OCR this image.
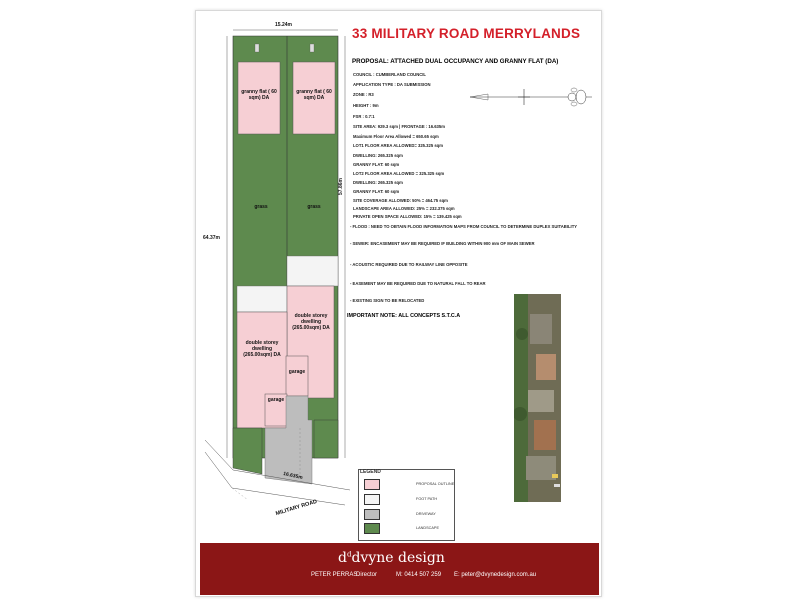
15.24m
64.37m
57.86m
16.635m
MILITARY ROAD
granny flat ( 60 sqm) DA
granny flat ( 60 sqm) DA
grass	grass
double storey dwelling (265.00sqm) DA
double storey dwelling (265.00sqm) DA
garage
garage
33 MILITARY ROAD MERRYLANDS
PROPOSAL: ATTACHED DUAL OCCUPANCY AND GRANNY FLAT (DA)
COUNCIL : CUMBERLAND COUNCIL
APPLICATION TYPE : DA SUBMISSION
ZONE : R3
HEIGHT : 9m
FSR : 0.7:1
SITE AREA: 929.3 sqm | FRONTAGE : 16.635m
Maximum Floor Area Allowed = 650.65 sqm
LOT1 FLOOR AREA ALLOWED= 325.325 sqm
DWELLING: 265.325 sqm
GRANNY FLAT: 60 sqm
LOT2 FLOOR AREA ALLOWED = 325.325 sqm
DWELLING: 265.325 sqm
GRANNY FLAT: 60 sqm
SITE COVERAGE ALLOWED: 50% = 464.75 sqm
LANDSCAPE AREA ALLOWED: 25% = 232.375 sqm
PRIVATE OPEN SPACE ALLOWED: 15% = 139.425 sqm
- FLOOD : NEED TO OBTAIN FLOOD INFORMATION MAPS FROM COUNCIL TO DETERMINE DUPLEX SUITABILITY
- SEWER: ENCASEMENT MAY BE REQUIRED IF BUILDING WITHIN 900 mm OF MAIN SEWER
- ACOUSTIC REQUIRED DUE TO RAILWAY LINE OPPOSITE
- EASEMENT MAY BE REQUIRED DUE TO NATURAL FALL TO REAR
- EXISTING SIGN TO BE RELOCATED
IMPORTANT NOTE: ALL CONCEPTS S.T.C.A
LEGEND
PROPOSAL OUTLINE
FOOT PATH
DRIVEWAY
LANDSCAPE
$d^ddvyne$ design
PETER PERRAS
Director	M: 0414 507 259 E: peter@dvynedesign.com.au
